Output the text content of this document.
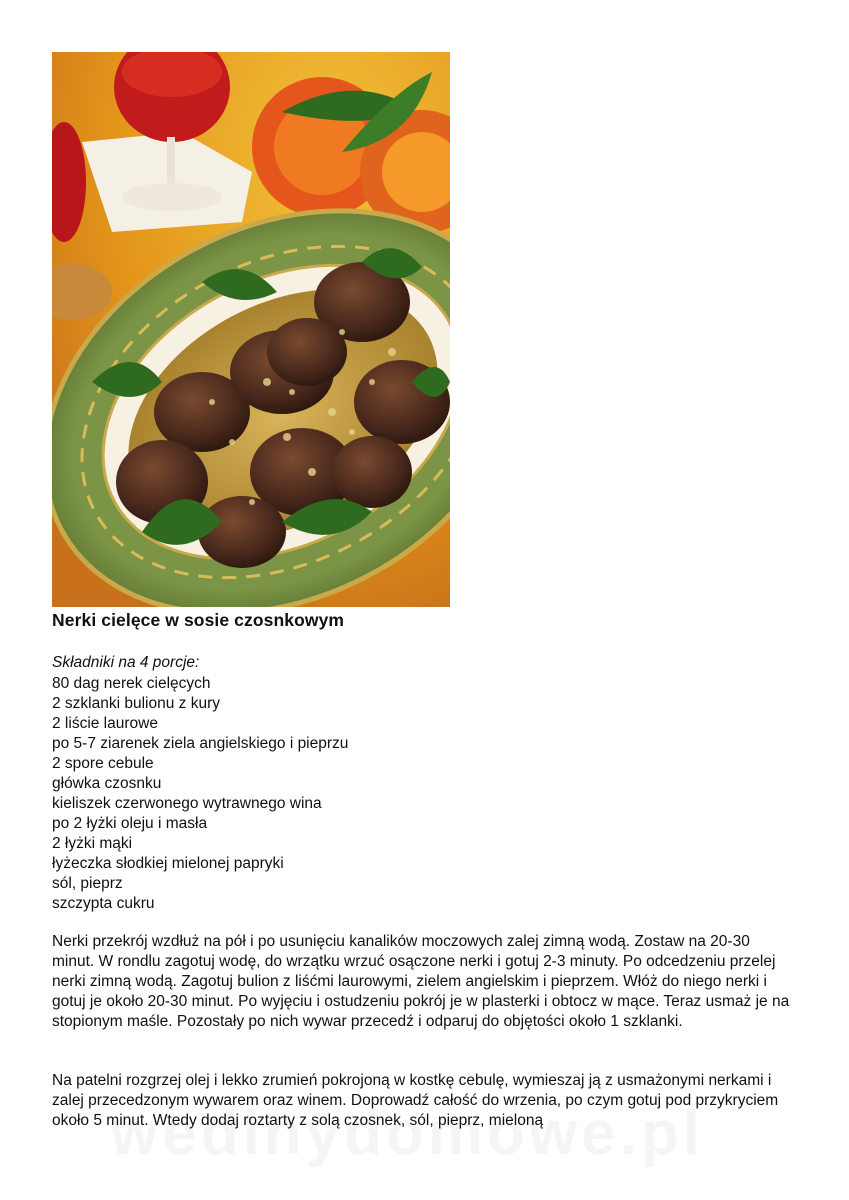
Nerki cielęce w sosie czosnkowym
Składniki na 4 porcje:
80 dag nerek cielęcych
2 szklanki bulionu z kury
2 liście laurowe
po 5-7 ziarenek ziela angielskiego i pieprzu
2 spore cebule
główka czosnku
kieliszek czerwonego wytrawnego wina
po 2 łyżki oleju i masła
2 łyżki mąki
łyżeczka słodkiej mielonej papryki
sól, pieprz
szczypta cukru

Nerki przekrój wzdłuż na pół i po usunięciu kanalików moczowych zalej zimną wodą. Zostaw na 20-30 minut. W rondlu zagotuj wodę, do wrzątku wrzuć osączone nerki i gotuj 2-3 minuty. Po odcedzeniu przelej nerki zimną wodą. Zagotuj bulion z liśćmi laurowymi, zielem angielskim i pieprzem. Włóż do niego nerki i gotuj je około 20-30 minut. Po wyjęciu i ostudzeniu pokrój je w plasterki i obtocz w mące. Teraz usmaż je na stopionym maśle. Pozostały po nich wywar przecedź i odparuj do objętości około 1 szklanki.

Na patelni rozgrzej olej i lekko zrumień pokrojoną w kostkę cebulę, wymieszaj ją z usmażonymi nerkami i zalej przecedzonym wywarem oraz winem. Doprowadź całość do wrzenia, po czym gotuj pod przykryciem około 5 minut. Wtedy dodaj roztarty z solą czosnek, sól, pieprz, mieloną
